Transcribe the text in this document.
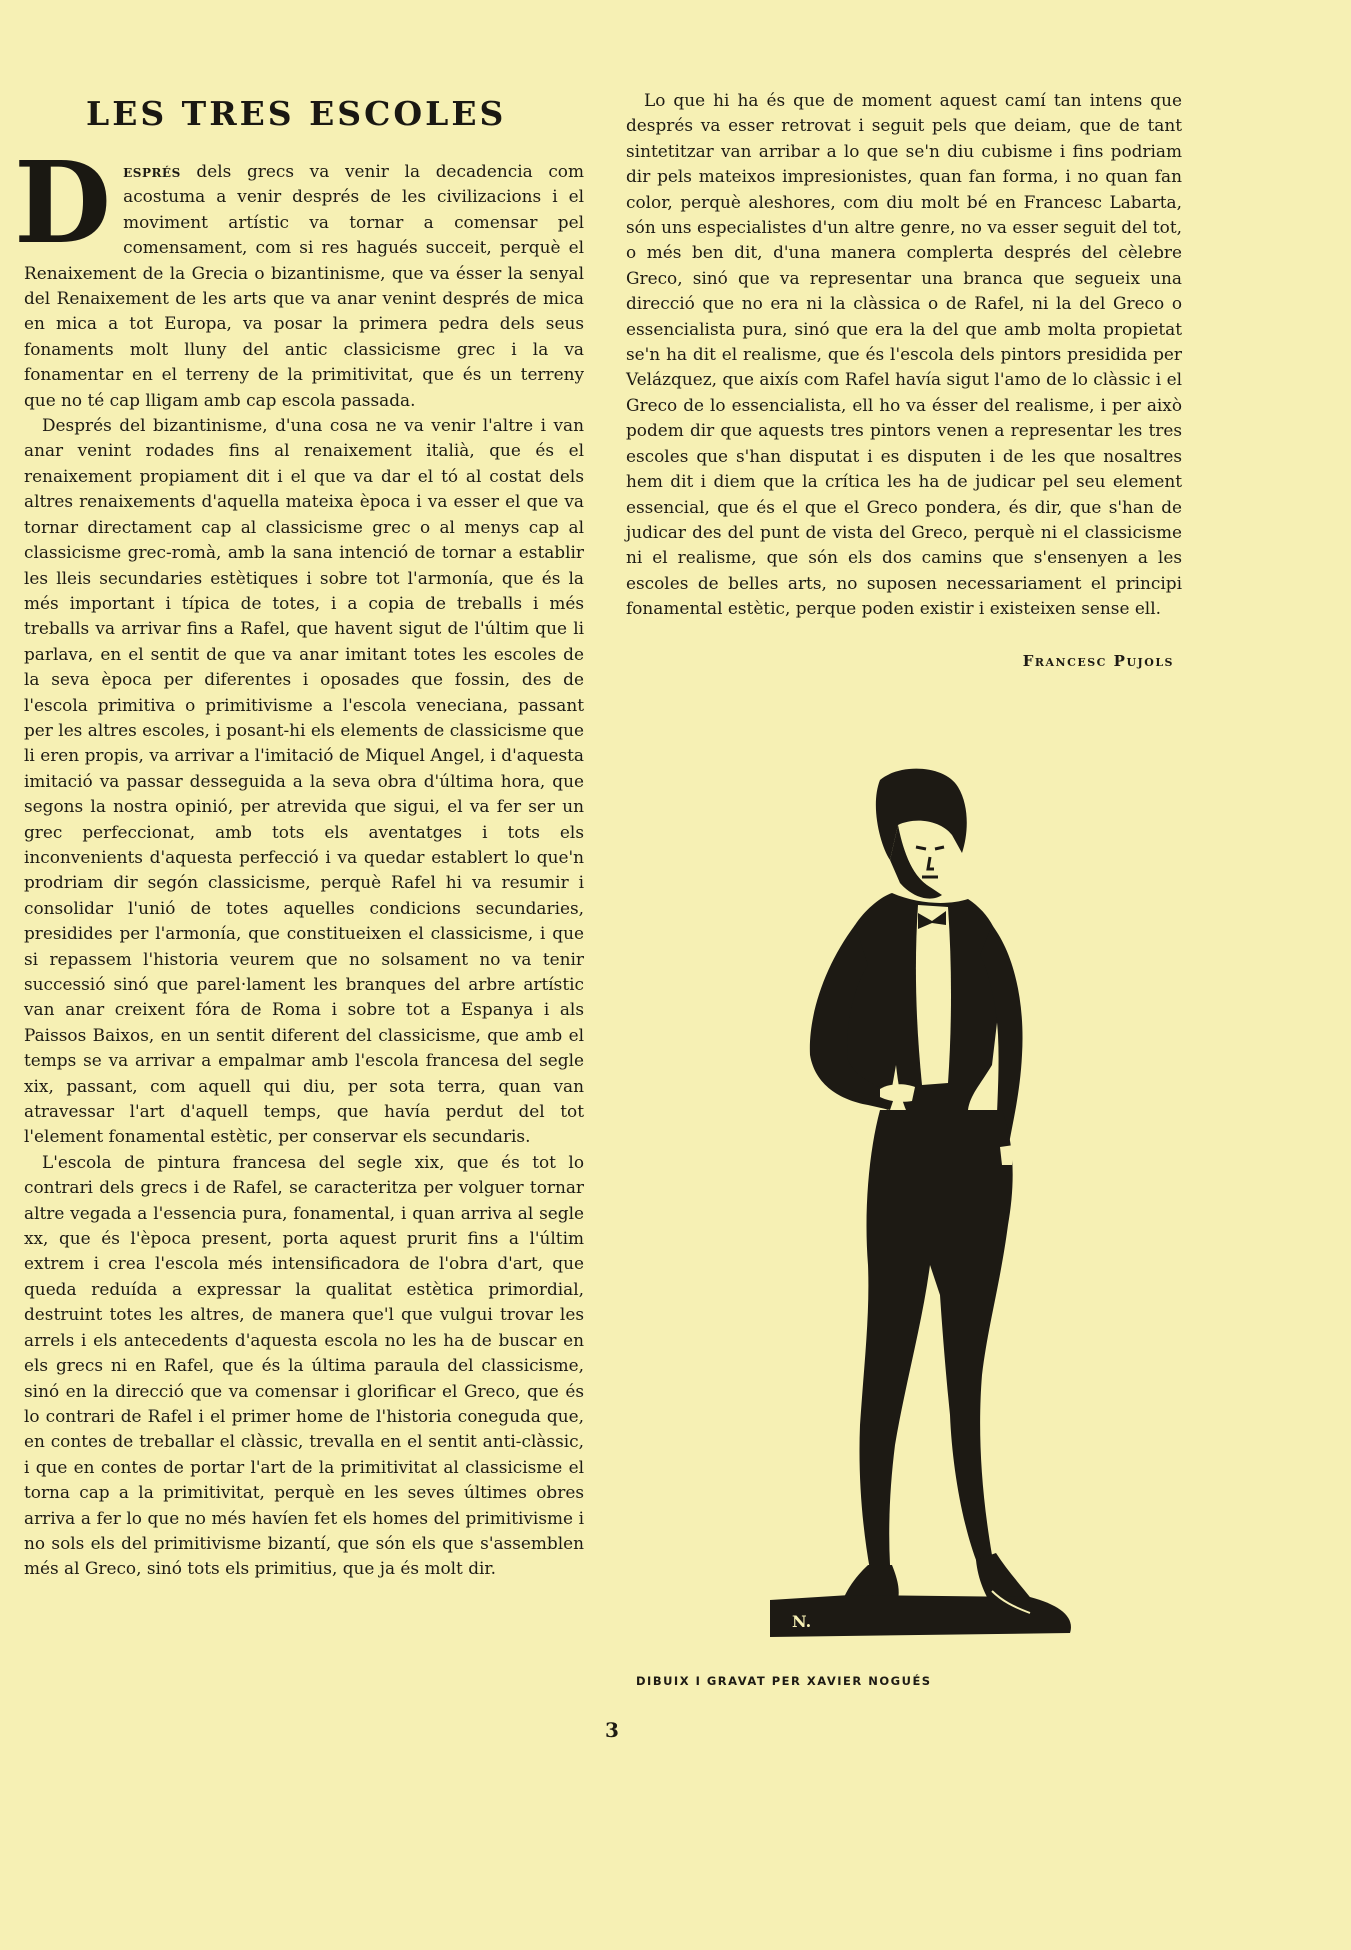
LES TRES ESCOLES

Després dels grecs va venir la decadencia com acostuma a venir després de les civilizacions i el moviment artístic va tornar a comensar pel comensament, com si res hagués succeit, perquè el Renaixement de la Grecia o bizantinisme, que va ésser la senyal del Renaixement de les arts que va anar venint després de mica en mica a tot Europa, va posar la primera pedra dels seus fonaments molt lluny del antic classicisme grec i la va fonamentar en el terreny de la primitivitat, que és un terreny que no té cap lligam amb cap escola passada.

Després del bizantinisme, d'una cosa ne va venir l'altre i van anar venint rodades fins al renaixement italià, que és el renaixement propiament dit i el que va dar el tó al costat dels altres renaixements d'aquella mateixa època i va esser el que va tornar directament cap al classicisme grec o al menys cap al classicisme grec-romà, amb la sana intenció de tornar a establir les lleis secundaries estètiques i sobre tot l'armonía, que és la més important i típica de totes, i a copia de treballs i més treballs va arrivar fins a Rafel, que havent sigut de l'últim que li parlava, en el sentit de que va anar imitant totes les escoles de la seva època per diferentes i oposades que fossin, des de l'escola primitiva o primitivisme a l'escola veneciana, passant per les altres escoles, i posant-hi els elements de classicisme que li eren propis, va arrivar a l'imitació de Miquel Angel, i d'aquesta imitació va passar desseguida a la seva obra d'última hora, que segons la nostra opinió, per atrevida que sigui, el va fer ser un grec perfeccionat, amb tots els aventatges i tots els inconvenients d'aquesta perfecció i va quedar establert lo que'n prodriam dir segón classicisme, perquè Rafel hi va resumir i consolidar l'unió de totes aquelles condicions secundaries, presidides per l'armonía, que constitueixen el classicisme, i que si repassem l'historia veurem que no solsament no va tenir successió sinó que parel·lament les branques del arbre artístic van anar creixent fóra de Roma i sobre tot a Espanya i als Paissos Baixos, en un sentit diferent del classicisme, que amb el temps se va arrivar a empalmar amb l'escola francesa del segle xix, passant, com aquell qui diu, per sota terra, quan van atravessar l'art d'aquell temps, que havía perdut del tot l'element fonamental estètic, per conservar els secundaris.

L'escola de pintura francesa del segle xix, que és tot lo contrari dels grecs i de Rafel, se caracteritza per volguer tornar altre vegada a l'essencia pura, fonamental, i quan arriva al segle xx, que és l'època present, porta aquest prurit fins a l'últim extrem i crea l'escola més intensificadora de l'obra d'art, que queda reduída a expressar la qualitat estètica primordial, destruint totes les altres, de manera que'l que vulgui trovar les arrels i els antecedents d'aquesta escola no les ha de buscar en els grecs ni en Rafel, que és la última paraula del classicisme, sinó en la direcció que va comensar i glorificar el Greco, que és lo contrari de Rafel i el primer home de l'historia coneguda que, en contes de treballar el clàssic, trevalla en el sentit anti-clàssic, i que en contes de portar l'art de la primitivitat al classicisme el torna cap a la primitivitat, perquè en les seves últimes obres arriva a fer lo que no més havíen fet els homes del primitivisme i no sols els del primitivisme bizantí, que són els que s'assemblen més al Greco, sinó tots els primitius, que ja és molt dir.

Lo que hi ha és que de moment aquest camí tan intens que després va esser retrovat i seguit pels que deiam, que de tant sintetitzar van arribar a lo que se'n diu cubisme i fins podriam dir pels mateixos impresionistes, quan fan forma, i no quan fan color, perquè aleshores, com diu molt bé en Francesc Labarta, són uns especialistes d'un altre genre, no va esser seguit del tot, o més ben dit, d'una manera complerta després del cèlebre Greco, sinó que va representar una branca que segueix una direcció que no era ni la clàssica o de Rafel, ni la del Greco o essencialista pura, sinó que era la del que amb molta propietat se'n ha dit el realisme, que és l'escola dels pintors presidida per Velázquez, que aixís com Rafel havía sigut l'amo de lo clàssic i el Greco de lo essencialista, ell ho va ésser del realisme, i per això podem dir que aquests tres pintors venen a representar les tres escoles que s'han disputat i es disputen i de les que nosaltres hem dit i diem que la crítica les ha de judicar pel seu element essencial, que és el que el Greco pondera, és dir, que s'han de judicar des del punt de vista del Greco, perquè ni el classicisme ni el realisme, que són els dos camins que s'ensenyen a les escoles de belles arts, no suposen necessariament el principi fonamental estètic, perque poden existir i existeixen sense ell.

Francesc Pujols
N.
DIBUIX I GRAVAT PER XAVIER NOGUÉS
3
